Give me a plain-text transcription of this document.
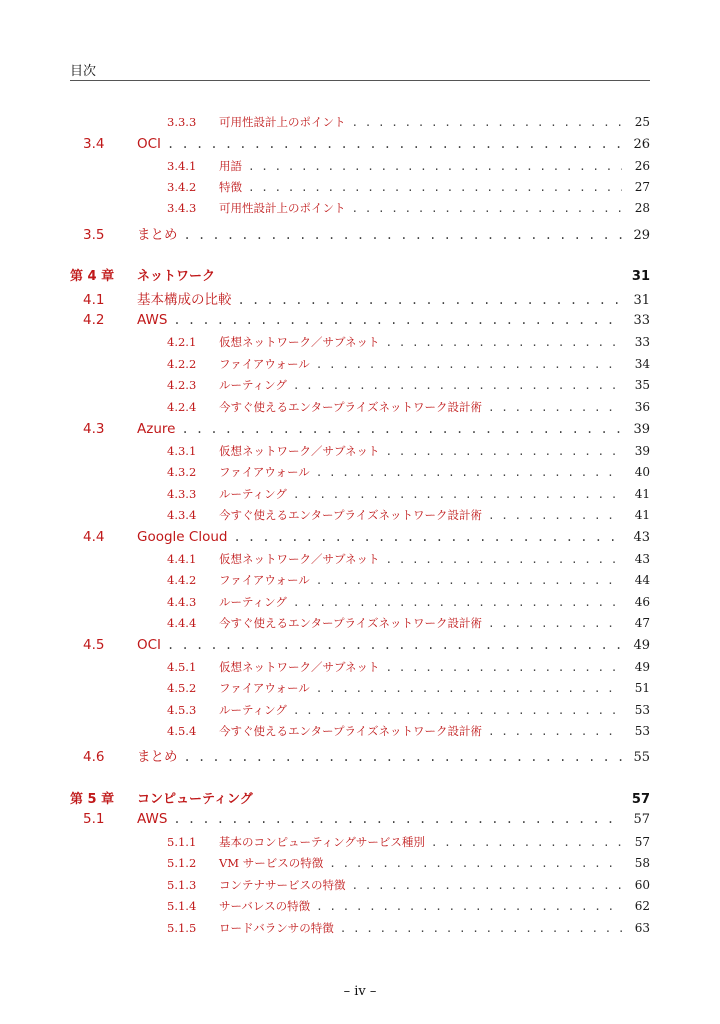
目次
3.3.3	可用性設計上のポイント . . .	25
3.4	OCI . . .	26
3.4.1	用語 . . .	26
3.4.2	特徴 . . .	27
3.4.3	可用性設計上のポイント . . .	28
3.5	まとめ . . .	29
第 4 章	ネットワーク	31
4.1	基本構成の比較 . . .	31
4.2	AWS . . .	33
4.2.1	仮想ネットワーク／サブネット . . .	33
4.2.2	ファイアウォール . . .	34
4.2.3	ルーティング . . .	35
4.2.4	今すぐ使えるエンタープライズネットワーク設計術 . . .	36
4.3	Azure . . .	39
4.3.1	仮想ネットワーク／サブネット . . .	39
4.3.2	ファイアウォール . . .	40
4.3.3	ルーティング . . .	41
4.3.4	今すぐ使えるエンタープライズネットワーク設計術 . . .	41
4.4	Google Cloud . . .	43
4.4.1	仮想ネットワーク／サブネット . . .	43
4.4.2	ファイアウォール . . .	44
4.4.3	ルーティング . . .	46
4.4.4	今すぐ使えるエンタープライズネットワーク設計術 . . .	47
4.5	OCI . . .	49
4.5.1	仮想ネットワーク／サブネット . . .	49
4.5.2	ファイアウォール . . .	51
4.5.3	ルーティング . . .	53
4.5.4	今すぐ使えるエンタープライズネットワーク設計術 . . .	53
4.6	まとめ . . .	55
第 5 章	コンピューティング	57
5.1	AWS . . .	57
5.1.1	基本のコンピューティングサービス種別 . . .	57
5.1.2	VM サービスの特徴 . . .	58
5.1.3	コンテナサービスの特徴 . . .	60
5.1.4	サーバレスの特徴 . . .	62
5.1.5	ロードバランサの特徴 . . .	63
– iv –
